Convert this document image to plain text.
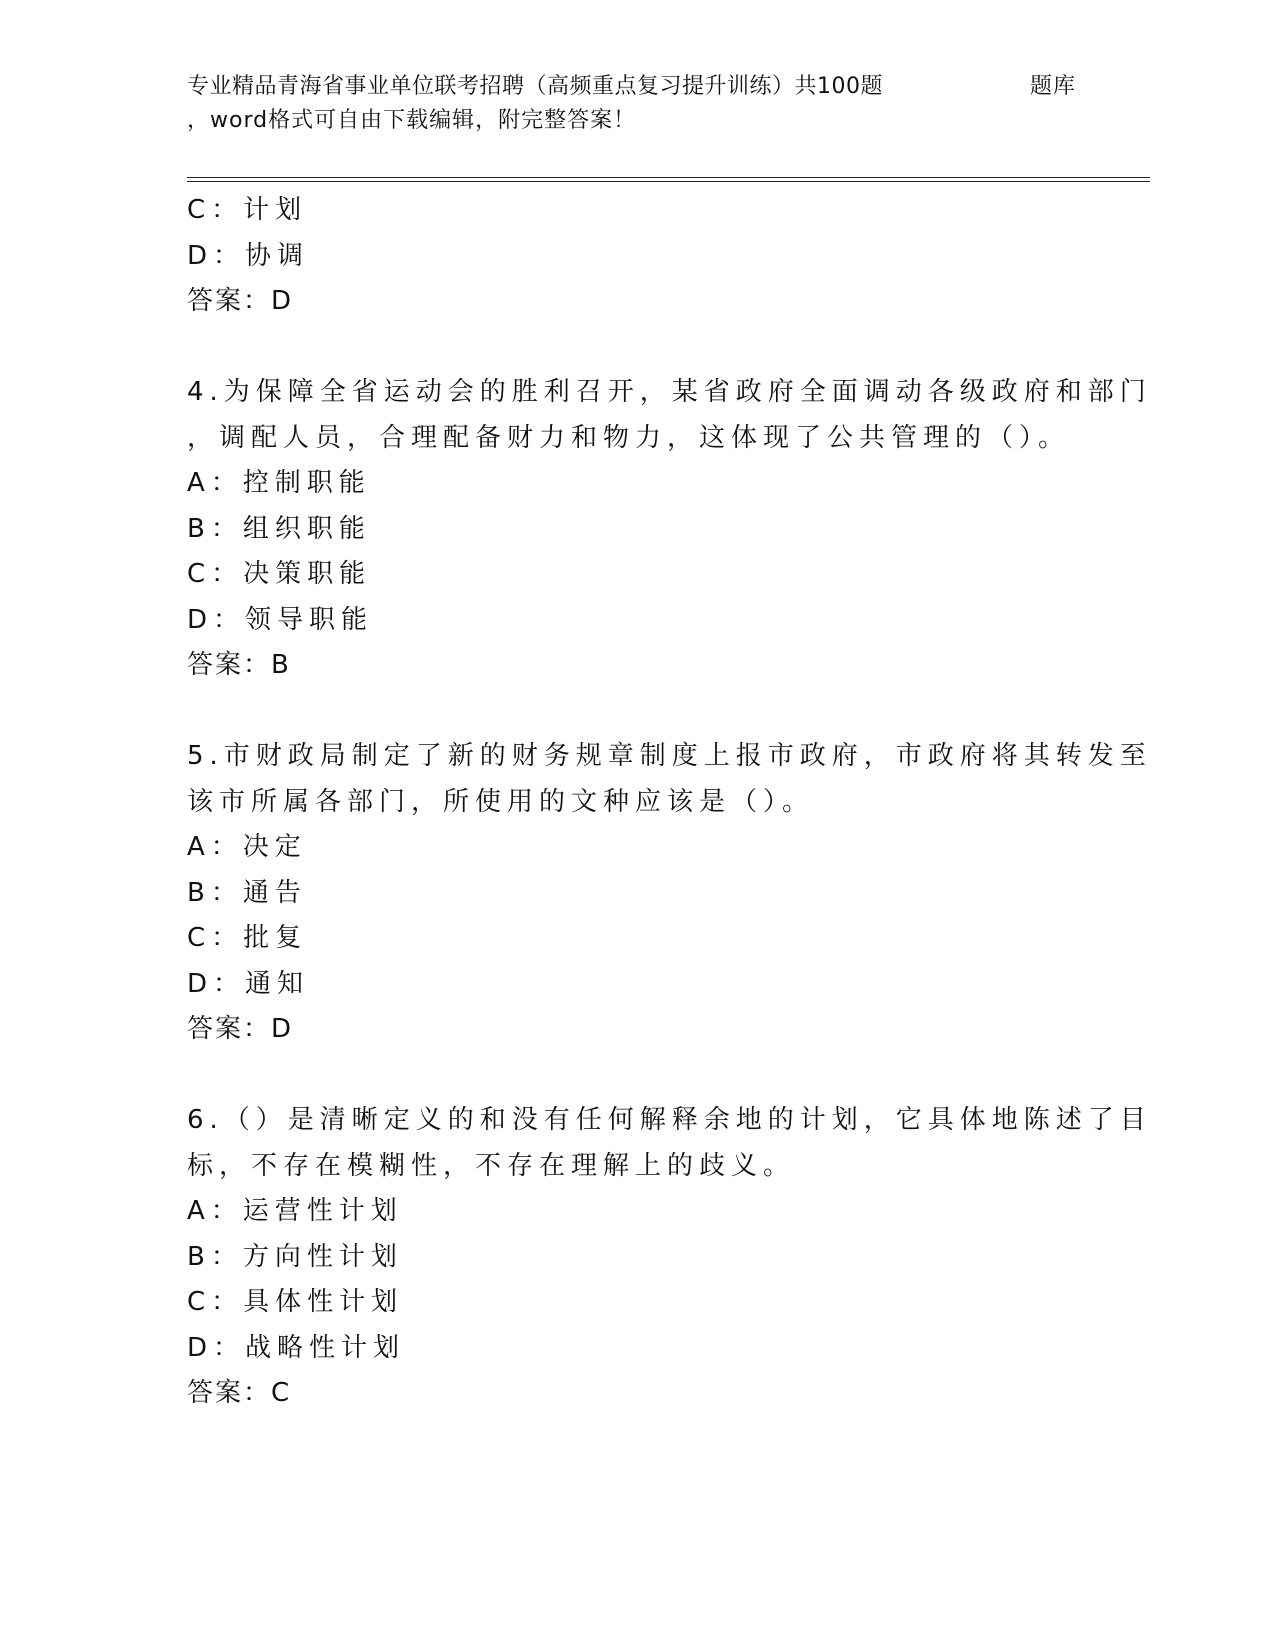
专业精品青海省事业单位联考招聘（高频重点复习提升训练）共100题	题库
，word格式可自由下载编辑，附完整答案！
C：计划
D：协调
答案：D
4.为保障全省运动会的胜利召开，某省政府全面调动各级政府和部门
，调配人员，合理配备财力和物力，这体现了公共管理的（）。
A：控制职能
B：组织职能
C：决策职能
D：领导职能
答案：B
5.市财政局制定了新的财务规章制度上报市政府，市政府将其转发至
该市所属各部门，所使用的文种应该是（）。
A：决定
B：通告
C：批复
D：通知
答案：D
6.（）是清晰定义的和没有任何解释余地的计划，它具体地陈述了目
标，不存在模糊性，不存在理解上的歧义。
A：运营性计划
B：方向性计划
C：具体性计划
D：战略性计划
答案：C
